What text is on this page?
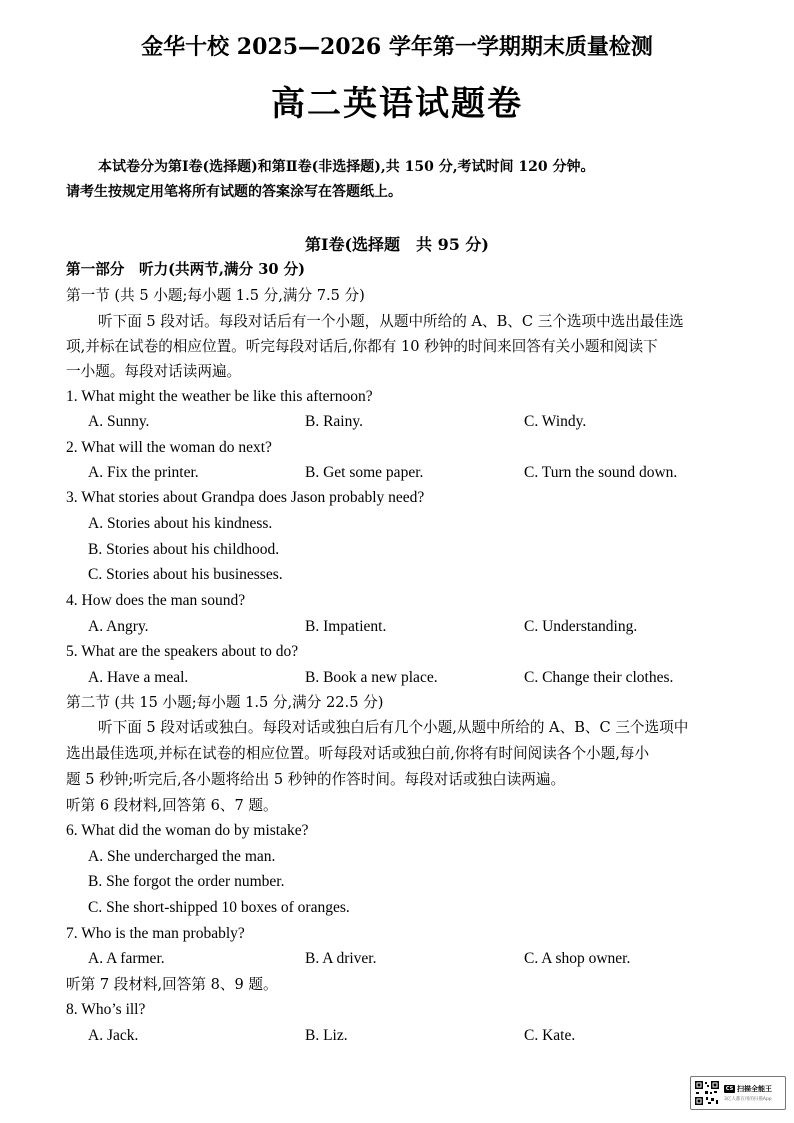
金华十校 2025—2026 学年第一学期期末质量检测
高二英语试题卷
本试卷分为第Ⅰ卷(选择题)和第Ⅱ卷(非选择题),共 150 分,考试时间 120 分钟。
请考生按规定用笔将所有试题的答案涂写在答题纸上。
第Ⅰ卷(选择题　共 95 分)
第一部分　听力(共两节,满分 30 分)
第一节 (共 5 小题;每小题 1.5 分,满分 7.5 分)
听下面 5 段对话。每段对话后有一个小题，从题中所给的 A、B、C 三个选项中选出最佳选
项,并标在试卷的相应位置。听完每段对话后,你都有 10 秒钟的时间来回答有关小题和阅读下
一小题。每段对话读两遍。
1. What might the weather be like this afternoon?
A. Sunny.	B. Rainy.	C. Windy.
2. What will the woman do next?
A. Fix the printer.	B. Get some paper.	C. Turn the sound down.
3. What stories about Grandpa does Jason probably need?
A. Stories about his kindness.
B. Stories about his childhood.
C. Stories about his businesses.
4. How does the man sound?
A. Angry.	B. Impatient.	C. Understanding.
5. What are the speakers about to do?
A. Have a meal.	B. Book a new place.	C. Change their clothes.
第二节 (共 15 小题;每小题 1.5 分,满分 22.5 分)
听下面 5 段对话或独白。每段对话或独白后有几个小题,从题中所给的 A、B、C 三个选项中
选出最佳选项,并标在试卷的相应位置。听每段对话或独白前,你将有时间阅读各个小题,每小
题 5 秒钟;听完后,各小题将给出 5 秒钟的作答时间。每段对话或独白读两遍。
听第 6 段材料,回答第 6、7 题。
6. What did the woman do by mistake?
A. She undercharged the man.
B. She forgot the order number.
C. She short-shipped 10 boxes of oranges.
7. Who is the man probably?
A. A farmer.	B. A driver.	C. A shop owner.
听第 7 段材料,回答第 8、9 题。
8. Who’s ill?
A. Jack.	B. Liz.	C. Kate.
CS 扫描全能王
3亿人都在用的扫描App
